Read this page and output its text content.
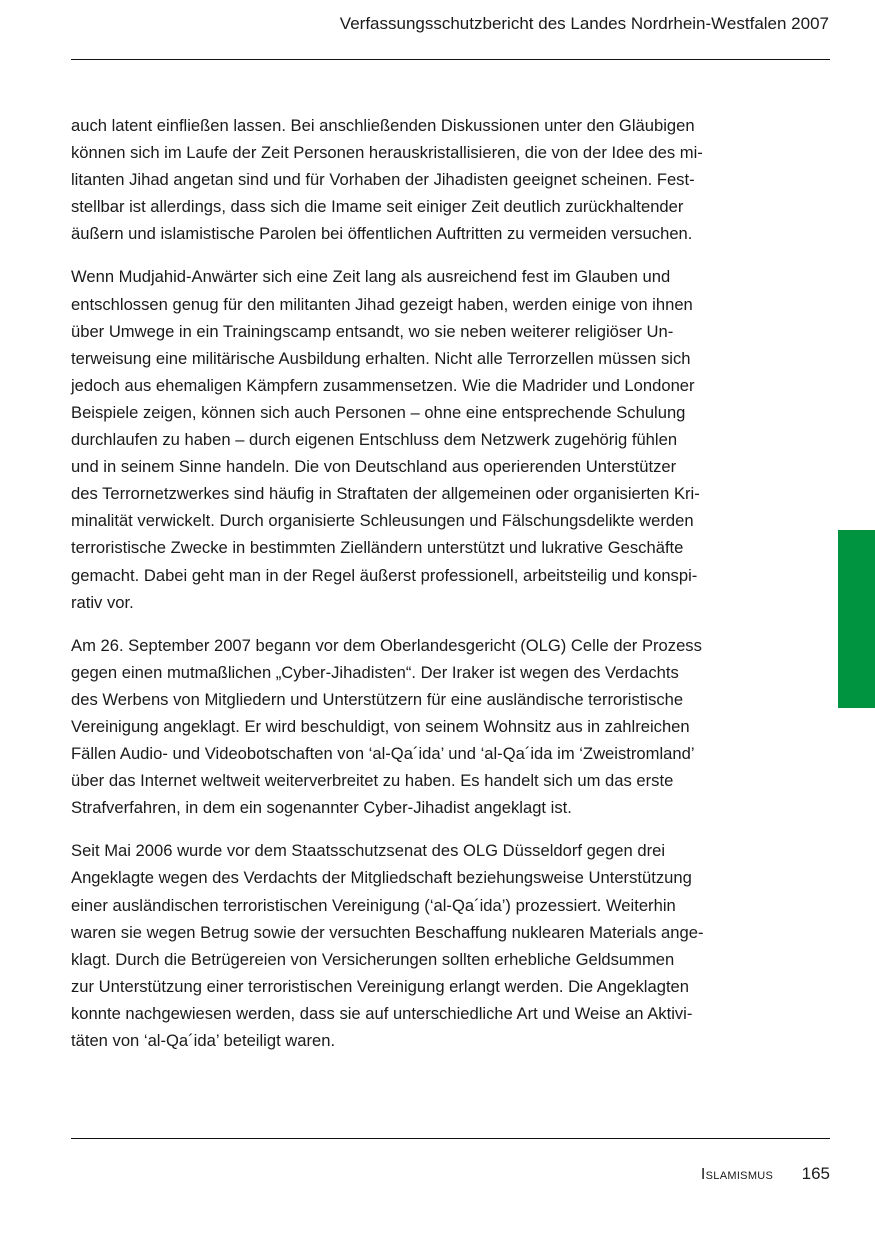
Verfassungsschutzbericht des Landes Nordrhein-Westfalen 2007

auch latent einfließen lassen. Bei anschließenden Diskussionen unter den Gläubigen
können sich im Laufe der Zeit Personen herauskristallisieren, die von der Idee des mi-
litanten Jihad angetan sind und für Vorhaben der Jihadisten geeignet scheinen. Fest-
stellbar ist allerdings, dass sich die Imame seit einiger Zeit deutlich zurückhaltender
äußern und islamistische Parolen bei öffentlichen Auftritten zu vermeiden versuchen.

Wenn Mudjahid-Anwärter sich eine Zeit lang als ausreichend fest im Glauben und
entschlossen genug für den militanten Jihad gezeigt haben, werden einige von ihnen
über Umwege in ein Trainingscamp entsandt, wo sie neben weiterer religiöser Un-
terweisung eine militärische Ausbildung erhalten. Nicht alle Terrorzellen müssen sich
jedoch aus ehemaligen Kämpfern zusammensetzen. Wie die Madrider und Londoner
Beispiele zeigen, können sich auch Personen – ohne eine entsprechende Schulung
durchlaufen zu haben – durch eigenen Entschluss dem Netzwerk zugehörig fühlen
und in seinem Sinne handeln. Die von Deutschland aus operierenden Unterstützer
des Terrornetzwerkes sind häufig in Straftaten der allgemeinen oder organisierten Kri-
minalität verwickelt. Durch organisierte Schleusungen und Fälschungsdelikte werden
terroristische Zwecke in bestimmten Zielländern unterstützt und lukrative Geschäfte
gemacht. Dabei geht man in der Regel äußerst professionell, arbeitsteilig und konspi-
rativ vor.

Am 26. September 2007 begann vor dem Oberlandesgericht (OLG) Celle der Prozess
gegen einen mutmaßlichen „Cyber-Jihadisten“. Der Iraker ist wegen des Verdachts
des Werbens von Mitgliedern und Unterstützern für eine ausländische terroristische
Vereinigung angeklagt. Er wird beschuldigt, von seinem Wohnsitz aus in zahlreichen
Fällen Audio- und Videobotschaften von ‘al-Qa´ida’ und ‘al-Qa´ida im ‘Zweistromland’
über das Internet weltweit weiterverbreitet zu haben. Es handelt sich um das erste
Strafverfahren, in dem ein sogenannter Cyber-Jihadist angeklagt ist.

Seit Mai 2006 wurde vor dem Staatsschutzsenat des OLG Düsseldorf gegen drei
Angeklagte wegen des Verdachts der Mitgliedschaft beziehungsweise Unterstützung
einer ausländischen terroristischen Vereinigung (‘al-Qa´ida’) prozessiert. Weiterhin
waren sie wegen Betrug sowie der versuchten Beschaffung nuklearen Materials ange-
klagt. Durch die Betrügereien von Versicherungen sollten erhebliche Geldsummen
zur Unterstützung einer terroristischen Vereinigung erlangt werden. Die Angeklagten
konnte nachgewiesen werden, dass sie auf unterschiedliche Art und Weise an Aktivi-
täten von ‘al-Qa´ida’ beteiligt waren.

Islamismus 165
